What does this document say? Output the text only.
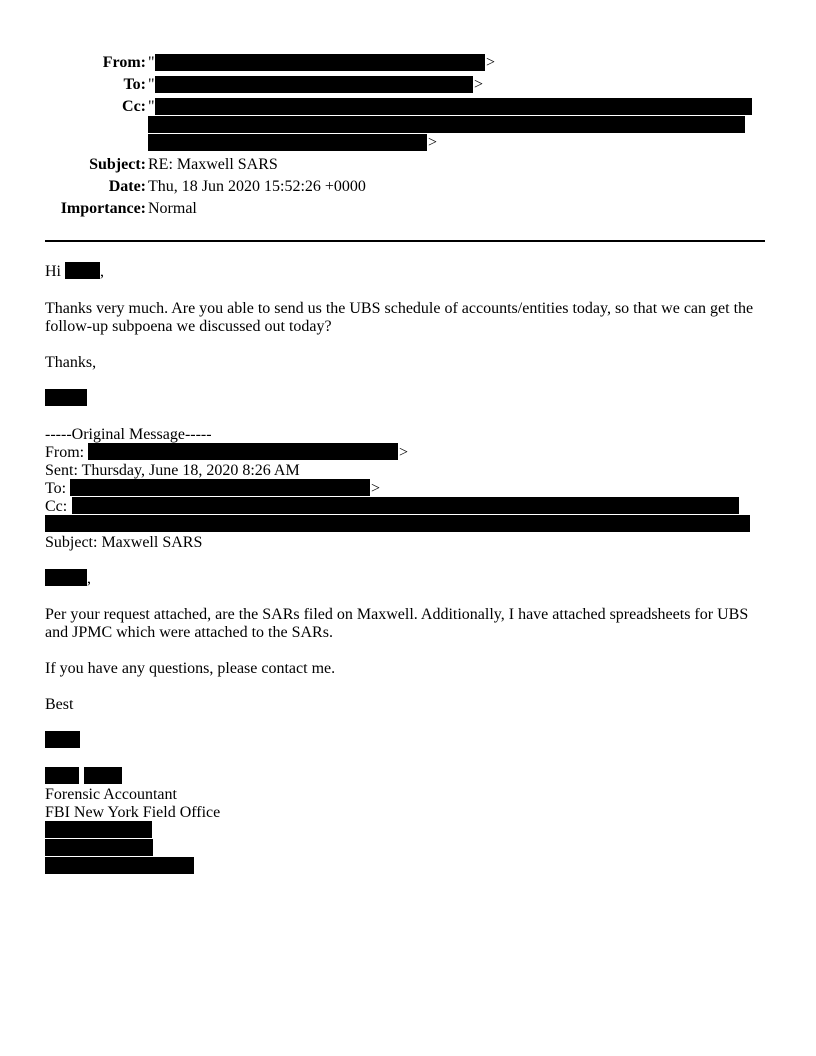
From: "	>
To: "	>
Cc: "
>
Subject: RE: Maxwell SARS
Date: Thu, 18 Jun 2020 15:52:26 +0000
Importance: Normal
Hi ,
Thanks very much. Are you able to send us the UBS schedule of accounts/entities today, so that we can get the follow-up subpoena we discussed out today?
Thanks,
-----Original Message-----
From:	>
Sent: Thursday, June 18, 2020 8:26 AM
To:	>
Cc:
Subject: Maxwell SARS
,
Per your request attached, are the SARs filed on Maxwell. Additionally, I have attached spreadsheets for UBS and JPMC which were attached to the SARs.
If you have any questions, please contact me.
Best
Forensic Accountant
FBI New York Field Office
